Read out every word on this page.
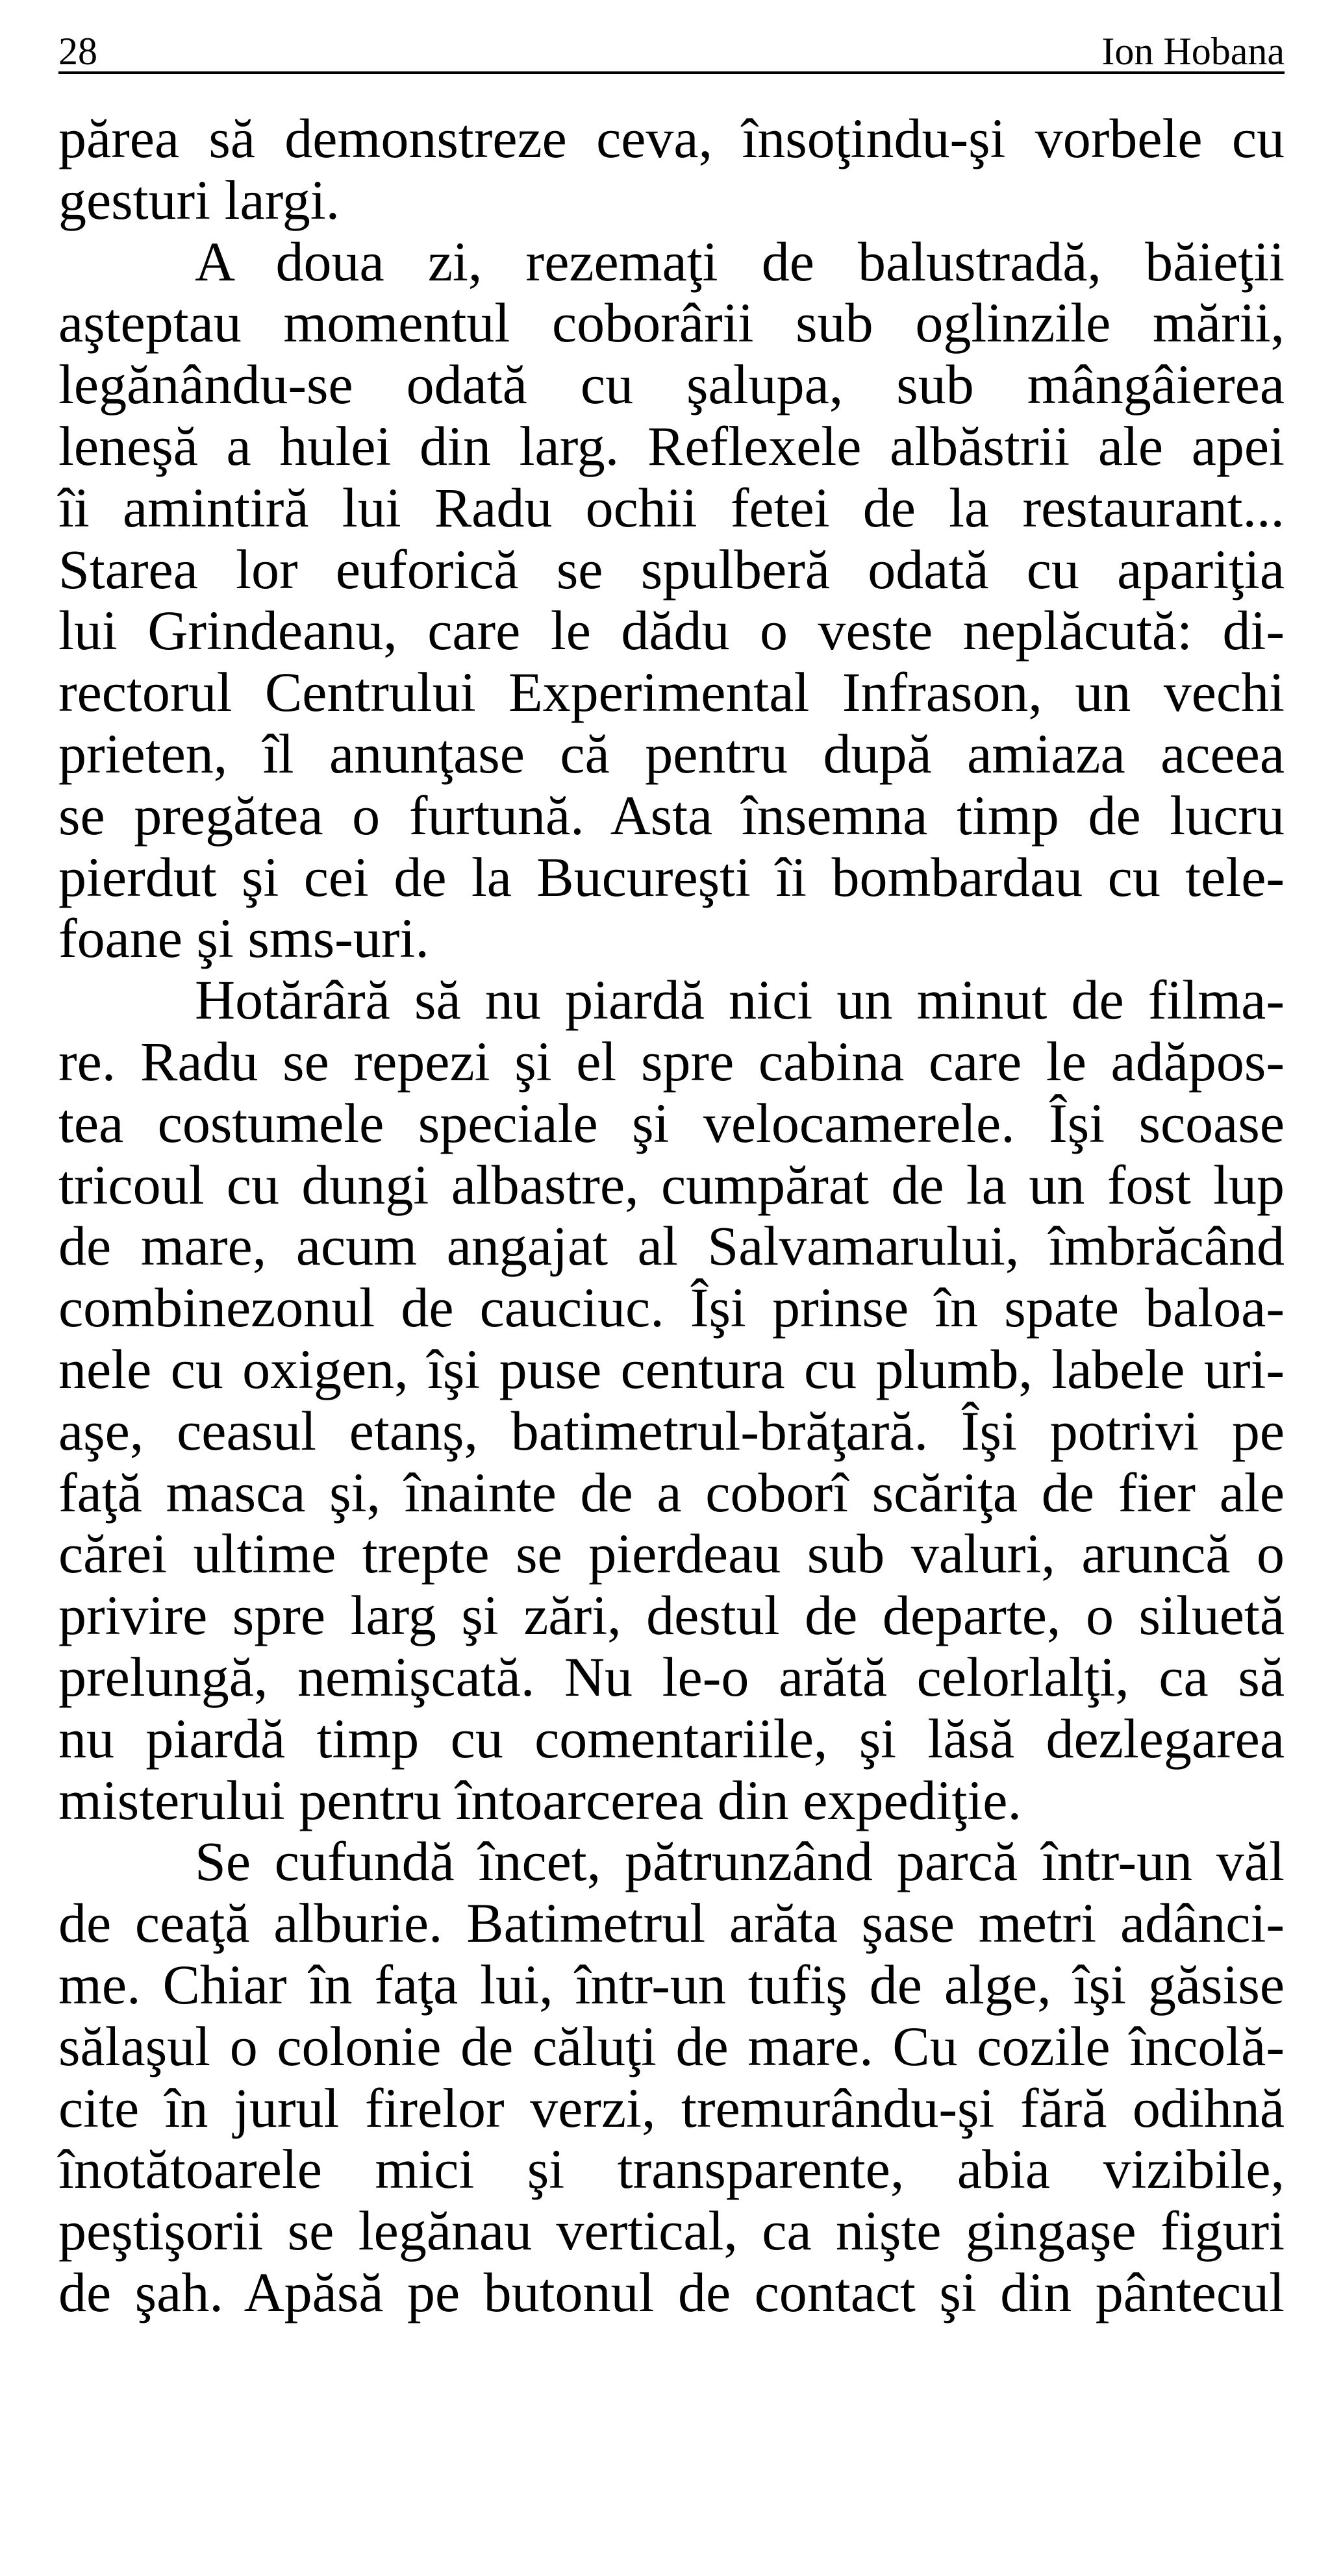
28	Ion Hobana
părea să demonstreze ceva, însoţindu-şi vorbele cu
gesturi largi.
A doua zi, rezemaţi de balustradă, băieţii
aşteptau momentul coborârii sub oglinzile mării,
legănându-se odată cu şalupa, sub mângâierea
leneşă a hulei din larg. Reflexele albăstrii ale apei
îi amintiră lui Radu ochii fetei de la restaurant...
Starea lor euforică se spulberă odată cu apariţia
lui Grindeanu, care le dădu o veste neplăcută: di-
rectorul Centrului Experimental Infrason, un vechi
prieten, îl anunţase că pentru după amiaza aceea
se pregătea o furtună. Asta însemna timp de lucru
pierdut şi cei de la Bucureşti îi bombardau cu tele-
foane şi sms-uri.
Hotărâră să nu piardă nici un minut de filma-
re. Radu se repezi şi el spre cabina care le adăpos-
tea costumele speciale şi velocamerele. Îşi scoase
tricoul cu dungi albastre, cumpărat de la un fost lup
de mare, acum angajat al Salvamarului, îmbrăcând
combinezonul de cauciuc. Îşi prinse în spate baloa-
nele cu oxigen, îşi puse centura cu plumb, labele uri-
aşe, ceasul etanş, batimetrul-brăţară. Îşi potrivi pe
faţă masca şi, înainte de a coborî scăriţa de fier ale
cărei ultime trepte se pierdeau sub valuri, aruncă o
privire spre larg şi zări, destul de departe, o siluetă
prelungă, nemişcată. Nu le-o arătă celorlalţi, ca să
nu piardă timp cu comentariile, şi lăsă dezlegarea
misterului pentru întoarcerea din expediţie.
Se cufundă încet, pătrunzând parcă într-un văl
de ceaţă alburie. Batimetrul arăta şase metri adânci-
me. Chiar în faţa lui, într-un tufiş de alge, îşi găsise
sălaşul o colonie de căluţi de mare. Cu cozile încolă-
cite în jurul firelor verzi, tremurându-şi fără odihnă
înotătoarele mici şi transparente, abia vizibile,
peştişorii se legănau vertical, ca nişte gingaşe figuri
de şah. Apăsă pe butonul de contact şi din pântecul
